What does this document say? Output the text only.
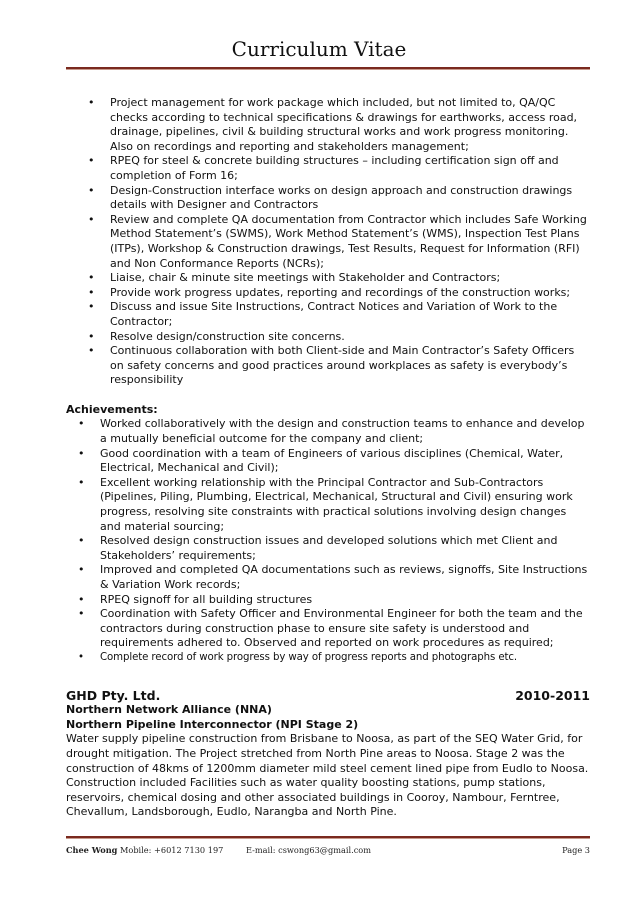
Curriculum Vitae
• Project management for work package which included, but not limited to, QA/QC checks according to technical specifications & drawings for earthworks, access road, drainage, pipelines, civil & building structural works and work progress monitoring. Also on recordings and reporting and stakeholders management;
• RPEQ for steel & concrete building structures – including certification sign off and completion of Form 16;
• Design-Construction interface works on design approach and construction drawings details with Designer and Contractors
• Review and complete QA documentation from Contractor which includes Safe Working Method Statement’s (SWMS), Work Method Statement’s (WMS), Inspection Test Plans (ITPs), Workshop & Construction drawings, Test Results, Request for Information (RFI) and Non Conformance Reports (NCRs);
• Liaise, chair & minute site meetings with Stakeholder and Contractors;
• Provide work progress updates, reporting and recordings of the construction works;
• Discuss and issue Site Instructions, Contract Notices and Variation of Work to the Contractor;
• Resolve design/construction site concerns.
• Continuous collaboration with both Client-side and Main Contractor’s Safety Officers on safety concerns and good practices around workplaces as safety is everybody’s responsibility
Achievements:
• Worked collaboratively with the design and construction teams to enhance and develop a mutually beneficial outcome for the company and client;
• Good coordination with a team of Engineers of various disciplines (Chemical, Water, Electrical, Mechanical and Civil);
• Excellent working relationship with the Principal Contractor and Sub-Contractors (Pipelines, Piling, Plumbing, Electrical, Mechanical, Structural and Civil) ensuring work progress, resolving site constraints with practical solutions involving design changes and material sourcing;
• Resolved design construction issues and developed solutions which met Client and Stakeholders’ requirements;
• Improved and completed QA documentations such as reviews, signoffs, Site Instructions & Variation Work records;
• RPEQ signoff for all building structures
• Coordination with Safety Officer and Environmental Engineer for both the team and the contractors during construction phase to ensure site safety is understood and requirements adhered to. Observed and reported on work procedures as required;
• Complete record of work progress by way of progress reports and photographs etc.
GHD Pty. Ltd.	2010-2011
Northern Network Alliance (NNA)
Northern Pipeline Interconnector (NPI Stage 2)

Water supply pipeline construction from Brisbane to Noosa, as part of the SEQ Water Grid, for drought mitigation. The Project stretched from North Pine areas to Noosa. Stage 2 was the construction of 48kms of 1200mm diameter mild steel cement lined pipe from Eudlo to Noosa. Construction included Facilities such as water quality boosting stations, pump stations, reservoirs, chemical dosing and other associated buildings in Cooroy, Nambour, Ferntree, Chevallum, Landsborough, Eudlo, Narangba and North Pine.

Chee Wong Mobile: +6012 7130 197	E-mail: cswong63@gmail.com	Page 3
